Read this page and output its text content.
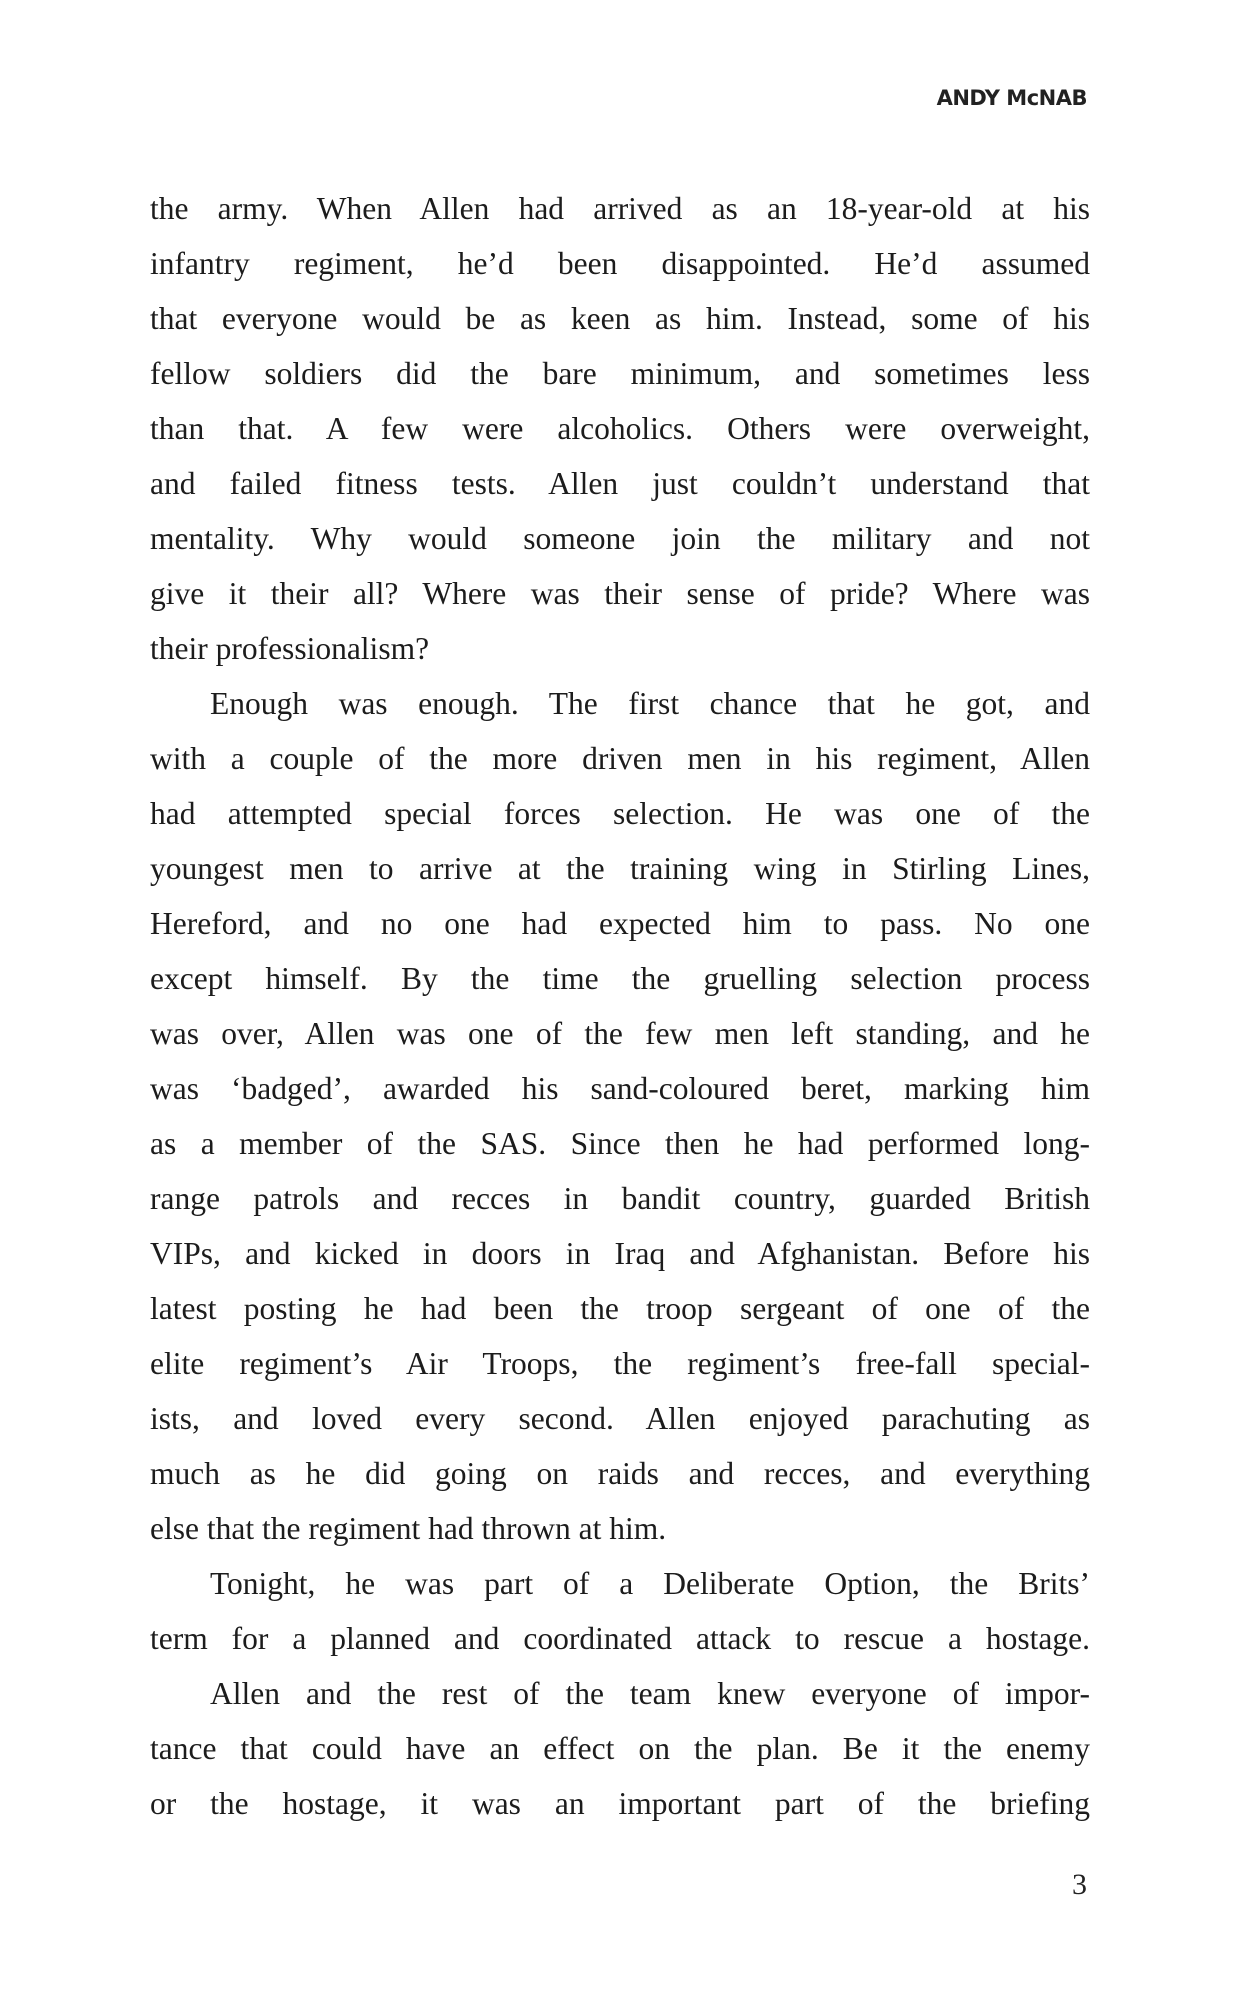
ANDY McNAB
the army. When Allen had arrived as an 18-year-old at his
infantry regiment, he’d been disappointed. He’d assumed
that everyone would be as keen as him. Instead, some of his
fellow soldiers did the bare minimum, and sometimes less
than that. A few were alcoholics. Others were overweight,
and failed fitness tests. Allen just couldn’t understand that
mentality. Why would someone join the military and not
give it their all? Where was their sense of pride? Where was
their professionalism?
Enough was enough. The first chance that he got, and
with a couple of the more driven men in his regiment, Allen
had attempted special forces selection. He was one of the
youngest men to arrive at the training wing in Stirling Lines,
Hereford, and no one had expected him to pass. No one
except himself. By the time the gruelling selection process
was over, Allen was one of the few men left standing, and he
was ‘badged’, awarded his sand-coloured beret, marking him
as a member of the SAS. Since then he had performed long-
range patrols and recces in bandit country, guarded British
VIPs, and kicked in doors in Iraq and Afghanistan. Before his
latest posting he had been the troop sergeant of one of the
elite regiment’s Air Troops, the regiment’s free-fall special-
ists, and loved every second. Allen enjoyed parachuting as
much as he did going on raids and recces, and everything
else that the regiment had thrown at him.
Tonight, he was part of a Deliberate Option, the Brits’
term for a planned and coordinated attack to rescue a hostage.
Allen and the rest of the team knew everyone of impor-
tance that could have an effect on the plan. Be it the enemy
or the hostage, it was an important part of the briefing
3
